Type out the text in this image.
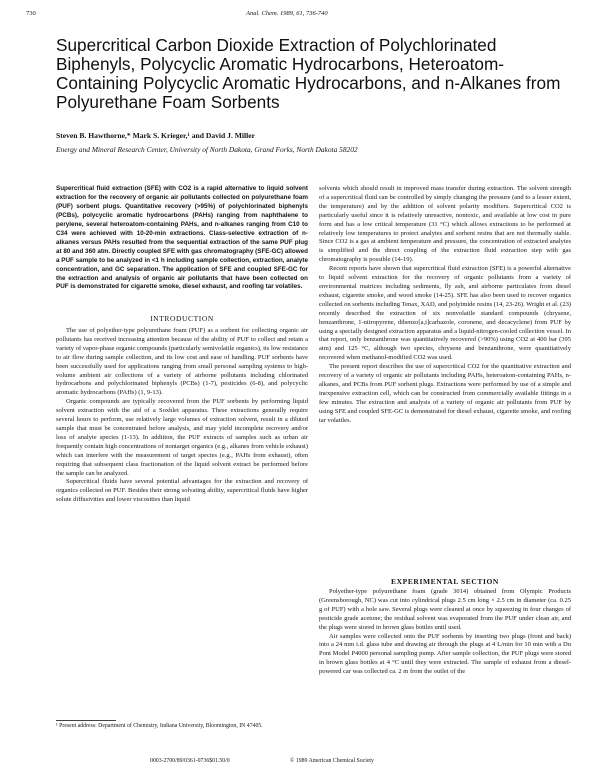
730	Anal. Chem. 1989, 61, 736-740
Supercritical Carbon Dioxide Extraction of Polychlorinated Biphenyls, Polycyclic Aromatic Hydrocarbons, Heteroatom-Containing Polycyclic Aromatic Hydrocarbons, and n-Alkanes from Polyurethane Foam Sorbents
Steven B. Hawthorne,* Mark S. Krieger,¹ and David J. Miller
Energy and Mineral Research Center, University of North Dakota, Grand Forks, North Dakota 58202

Supercritical fluid extraction (SFE) with CO2 is a rapid alternative to liquid solvent extraction for the recovery of organic air pollutants collected on polyurethane foam (PUF) sorbent plugs. Quantitative recovery (>95%) of polychlorinated biphenyls (PCBs), polycyclic aromatic hydrocarbons (PAHs) ranging from naphthalene to perylene, several heteroatom-containing PAHs, and n-alkanes ranging from C10 to C34 were achieved with 10-20-min extractions. Class-selective extraction of n-alkanes versus PAHs resulted from the sequential extraction of the same PUF plug at 80 and 360 atm. Directly coupled SFE with gas chromatography (SFE-GC) allowed a PUF sample to be analyzed in <1 h including sample collection, extraction, analyte concentration, and GC separation. The application of SFE and coupled SFE-GC for the extraction and analysis of organic air pollutants that have been collected on PUF is demonstrated for cigarette smoke, diesel exhaust, and roofing tar volatiles.

INTRODUCTION

The use of polyether-type polyurethane foam (PUF) as a sorbent for collecting organic air pollutants has received increasing attention because of the ability of PUF to collect and retain a variety of vapor-phase organic compounds (particularly semivolatile organics), its low resistance to air flow during sample collection, and its low cost and ease of handling. PUF sorbents have been successfully used for applications ranging from small personal sampling systems to high-volume ambient air collections of a variety of airborne pollutants including chlorinated hydrocarbons and polychlorinated biphenyls (PCBs) (1-7), pesticides (6-8), and polycyclic aromatic hydrocarbons (PAHs) (1, 9-13).

Organic compounds are typically recovered from the PUF sorbents by performing liquid solvent extraction with the aid of a Soxhlet apparatus. These extractions generally require several hours to perform, use relatively large volumes of extraction solvent, result in a diluted sample that must be concentrated before analysis, and may yield incomplete recovery and/or loss of analyte species (1-13). In addition, the PUF extracts of samples such as urban air frequently contain high concentrations of nontarget organics (e.g., alkanes from vehicle exhaust) which can interfere with the measurement of target species (e.g., PAHs from exhaust), often requiring that subsequent class fractionation of the liquid solvent extract be performed before the sample can be analyzed.

Supercritical fluids have several potential advantages for the extraction and recovery of organics collected on PUF. Besides their strong solvating ability, supercritical fluids have higher solute diffusivities and lower viscosities than liquid

¹ Present address: Department of Chemistry, Indiana University, Bloomington, IN 47405.

solvents which should result in improved mass transfer during extraction. The solvent strength of a supercritical fluid can be controlled by simply changing the pressure (and to a lesser extent, the temperature) and by the addition of solvent polarity modifiers. Supercritical CO2 is particularly useful since it is relatively unreactive, nontoxic, and available at low cost in pure form and has a low critical temperature (31 °C) which allows extractions to be performed at relatively low temperatures to protect analytes and sorbent resins that are not thermally stable. Since CO2 is a gas at ambient temperature and pressure, the concentration of extracted analytes is simplified and the direct coupling of the extraction fluid extraction step with gas chromatography is possible (14-19).

Recent reports have shown that supercritical fluid extraction (SFE) is a powerful alternative to liquid solvent extraction for the recovery of organic pollutants from a variety of environmental matrices including sediments, fly ash, and airborne particulates from diesel exhaust, cigarette smoke, and wood smoke (14-25). SFE has also been used to recover organics collected on sorbents including Tenax, XAD, and polyimide resins (14, 23-26). Wright et al. (23) recently described the extraction of six nonvolatile standard compounds (chrysene, benzanthrone, 1-nitropyrene, dibenzo[a,i]carbazole, coronene, and decacyclene) from PUF by using a specially designed extraction apparatus and a liquid-nitrogen-cooled collection vessel. In that report, only benzanthrone was quantitatively recovered (>90%) using CO2 at 400 bar (395 atm) and 125 °C, although two species, chrysene and benzanthrone, were quantitatively recovered when methanol-modified CO2 was used.

The present report describes the use of supercritical CO2 for the quantitative extraction and recovery of a variety of organic air pollutants including PAHs, heteroatom-containing PAHs, n-alkanes, and PCBs from PUF sorbent plugs. Extractions were performed by use of a simple and inexpensive extraction cell, which can be constructed from commercially available fittings in a few minutes. The extraction and analysis of a variety of organic air pollutants from PUF by using SFE and coupled SFE-GC is demonstrated for diesel exhaust, cigarette smoke, and roofing tar volatiles.

EXPERIMENTAL SECTION

Polyether-type polyurethane foam (grade 3014) obtained from Olympic Products (Greensborough, NC) was cut into cylindrical plugs 2.5 cm long × 2.5 cm in diameter (ca. 0.25 g of PUF) with a hole saw. Several plugs were cleaned at once by squeezing in four changes of pesticide grade acetone; the residual solvent was evaporated from the PUF under clean air, and the plugs were stored in brown glass bottles until used.

Air samples were collected onto the PUF sorbents by inserting two plugs (front and back) into a 24 mm i.d. glass tube and drawing air through the plugs at 4 L/min for 10 min with a Du Pont Model P4000 personal sampling pump. After sample collection, the PUF plugs were stored in brown glass bottles at 4 °C until they were extracted. The sample of exhaust from a diesel-powered car was collected ca. 2 m from the outlet of the

0003-2700/89/0361-0736$01.50/0	© 1989 American Chemical Society
